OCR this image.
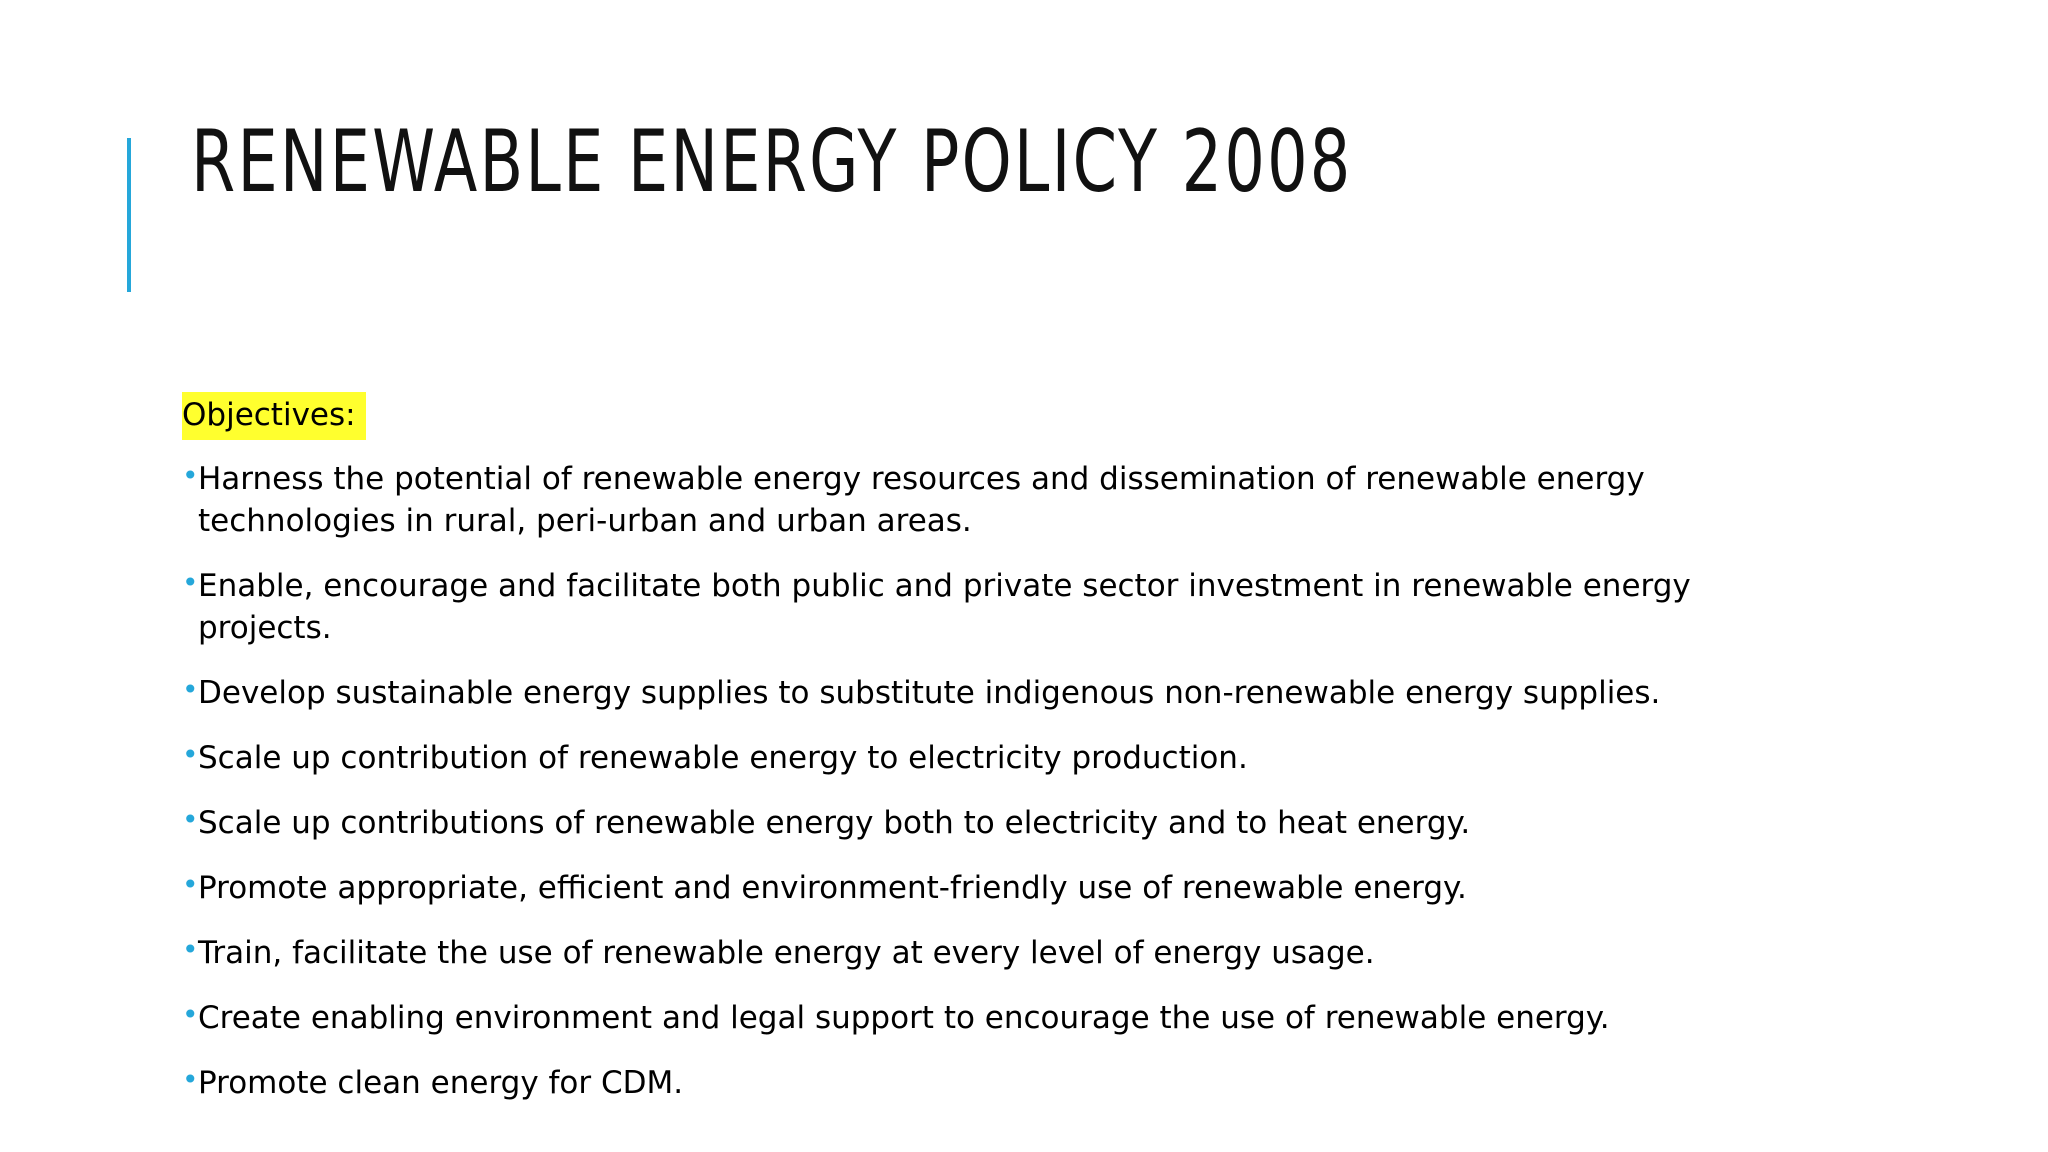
RENEWABLE ENERGY POLICY 2008
Objectives:
• Harness the potential of renewable energy resources and dissemination of renewable energy technologies in rural, peri-urban and urban areas.
• Enable, encourage and facilitate both public and private sector investment in renewable energy projects.
• Develop sustainable energy supplies to substitute indigenous non-renewable energy supplies.
• Scale up contribution of renewable energy to electricity production.
• Scale up contributions of renewable energy both to electricity and to heat energy.
• Promote appropriate, efficient and environment-friendly use of renewable energy.
• Train, facilitate the use of renewable energy at every level of energy usage.
• Create enabling environment and legal support to encourage the use of renewable energy.
• Promote clean energy for CDM.
